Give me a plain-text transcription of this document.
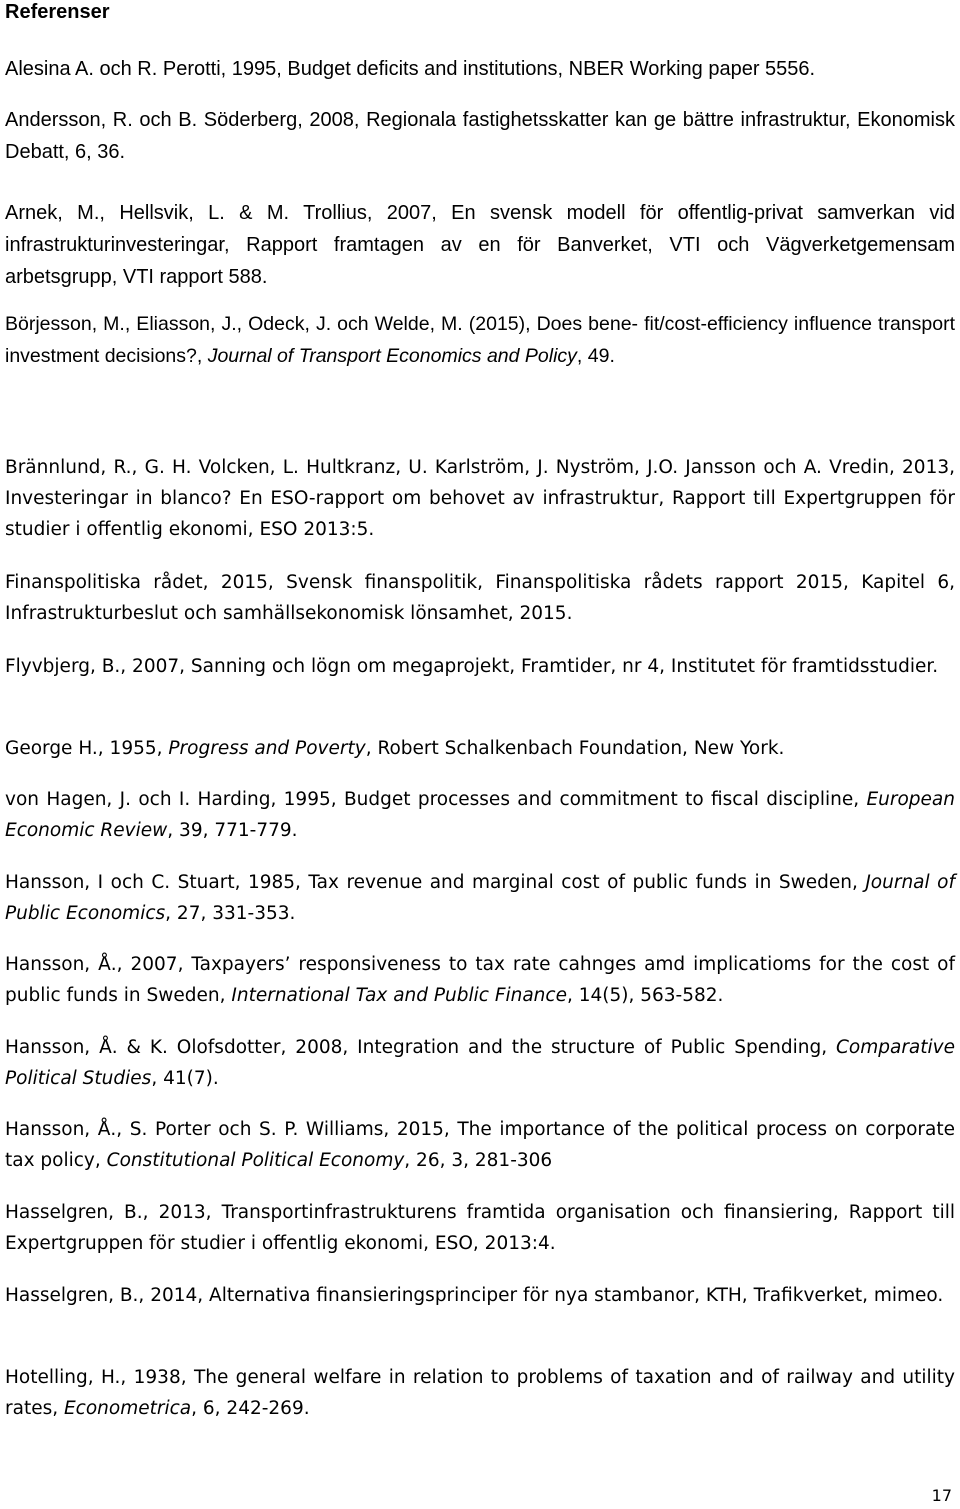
Referenser

Alesina A. och R. Perotti, 1995, Budget deficits and institutions, NBER Working paper 5556.

Andersson, R. och B. Söderberg, 2008, Regionala fastighetsskatter kan ge bättre infrastruktur, Ekonomisk Debatt, 6, 36.

Arnek, M., Hellsvik, L. & M. Trollius, 2007, En svensk modell för offentlig-privat samverkan vid infrastrukturinvesteringar, Rapport framtagen av en för Banverket, VTI och Vägverketgemensam arbetsgrupp, VTI rapport 588.

Börjesson, M., Eliasson, J., Odeck, J. och Welde, M. (2015), Does bene- fit/cost-efficiency influence transport investment decisions?, Journal of Transport Economics and Policy, 49.

Brännlund, R., G. H. Volcken, L. Hultkranz, U. Karlström, J. Nyström, J.O. Jansson och A. Vredin, 2013, Investeringar in blanco? En ESO-rapport om behovet av infrastruktur, Rapport till Expertgruppen för studier i offentlig ekonomi, ESO 2013:5.

Finanspolitiska rådet, 2015, Svensk finanspolitik, Finanspolitiska rådets rapport 2015, Kapitel 6, Infrastrukturbeslut och samhällsekonomisk lönsamhet, 2015.

Flyvbjerg, B., 2007, Sanning och lögn om megaprojekt, Framtider, nr 4, Institutet för framtidsstudier.

George H., 1955, Progress and Poverty, Robert Schalkenbach Foundation, New York.

von Hagen, J. och I. Harding, 1995, Budget processes and commitment to fiscal discipline, European Economic Review, 39, 771-779.

Hansson, I och C. Stuart, 1985, Tax revenue and marginal cost of public funds in Sweden, Journal of Public Economics, 27, 331-353.

Hansson, Å., 2007, Taxpayers’ responsiveness to tax rate cahnges amd implicatioms for the cost of public funds in Sweden, International Tax and Public Finance, 14(5), 563-582.

Hansson, Å. & K. Olofsdotter, 2008, Integration and the structure of Public Spending, Comparative Political Studies, 41(7).

Hansson, Å., S. Porter och S. P. Williams, 2015, The importance of the political process on corporate tax policy, Constitutional Political Economy, 26, 3, 281-306

Hasselgren, B., 2013, Transportinfrastrukturens framtida organisation och finansiering, Rapport till Expertgruppen för studier i offentlig ekonomi, ESO, 2013:4.

Hasselgren, B., 2014, Alternativa finansieringsprinciper för nya stambanor, KTH, Trafikverket, mimeo.

Hotelling, H., 1938, The general welfare in relation to problems of taxation and of railway and utility rates, Econometrica, 6, 242-269.

17
